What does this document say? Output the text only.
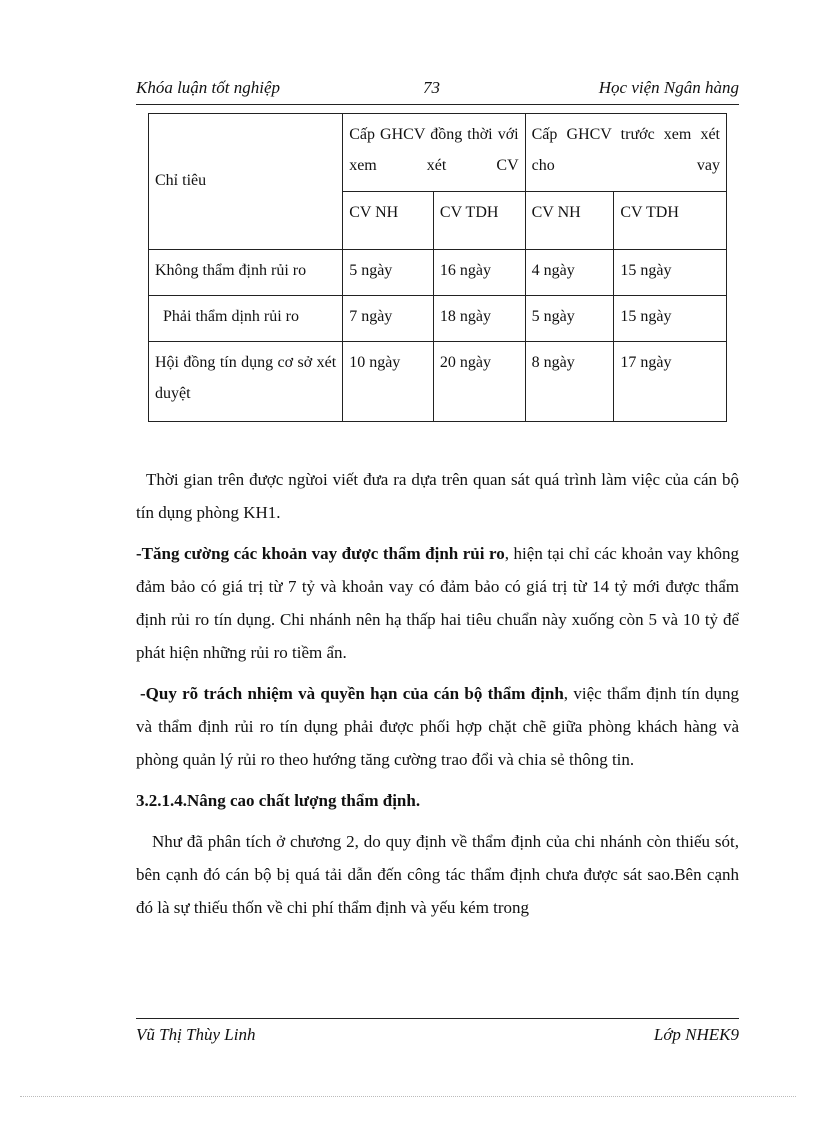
Khóa luận tốt nghiệp	73	Học viện Ngân hàng
Chỉ tiêu	Cấp GHCV đồng thời với xem xét CV		Cấp GHCV trước xem xét cho vay	
	CV NH	CV TDH	CV NH	CV TDH
Không thẩm định rủi ro	5 ngày	16 ngày	4 ngày	15 ngày
Phải thẩm dịnh rủi ro	7 ngày	18 ngày	5 ngày	15 ngày
Hội đồng tín dụng cơ sở xét duyệt	10 ngày	20 ngày	8 ngày	17 ngày

Thời gian trên được ngừoi viết đưa ra dựa trên quan sát quá trình làm việc của cán bộ tín dụng phòng KH1.

-Tăng cường các khoản vay được thẩm định rủi ro, hiện tại chỉ các khoản vay không đảm bảo có giá trị từ 7 tỷ và khoản vay có đảm bảo có giá trị từ 14 tỷ mới được thẩm định rủi ro tín dụng. Chi nhánh nên hạ thấp hai tiêu chuẩn này xuống còn 5 và 10 tỷ để phát hiện những rủi ro tiềm ẩn.

-Quy rõ trách nhiệm và quyền hạn của cán bộ thẩm định, việc thẩm định tín dụng và thẩm định rủi ro tín dụng phải được phối hợp chặt chẽ giữa phòng khách hàng và phòng quản lý rủi ro theo hướng tăng cường trao đổi và chia sẻ thông tin.

3.2.1.4.Nâng cao chất lượng thẩm định.

Như đã phân tích ở chương 2, do quy định về thẩm định của chi nhánh còn thiếu sót, bên cạnh đó cán bộ bị quá tải dẫn đến công tác thẩm định chưa được sát sao.Bên cạnh đó là sự thiếu thốn về chi phí thẩm định và yếu kém trong

Vũ Thị Thùy Linh	Lớp NHEK9
